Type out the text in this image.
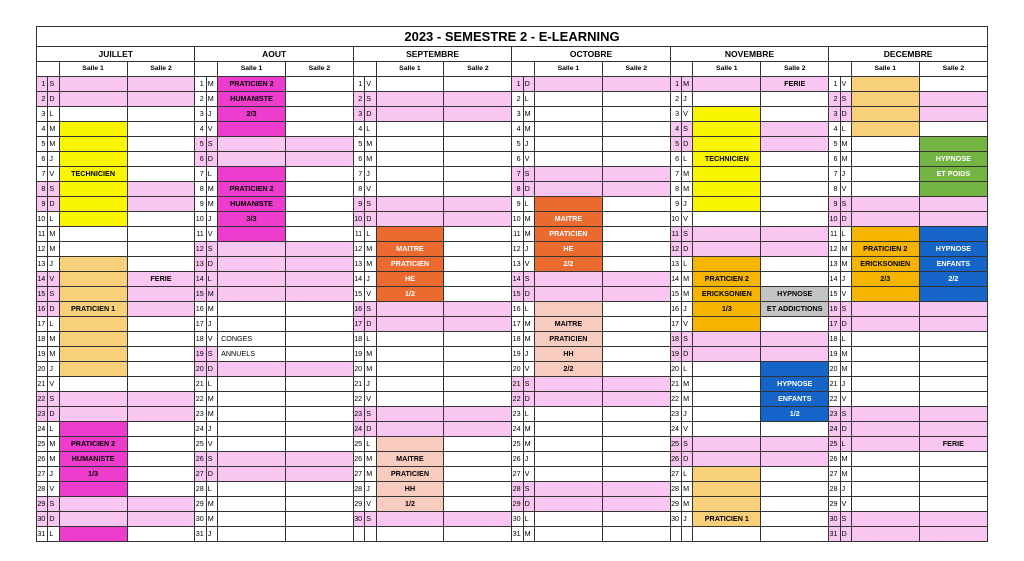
2023 - SEMESTRE 2 - E-LEARNING																							
JUILLET				AOUT				SEPTEMBRE				OCTOBRE				NOVEMBRE				DECEMBRE			
		Salle 1	Salle 2			Salle 1	Salle 2			Salle 1	Salle 2			Salle 1	Salle 2			Salle 1	Salle 2			Salle 1	Salle 2
1	S			1	M	PRATICIEN 2		1	V			1	D			1	M		FERIE	1	V		
2	D			2	M	HUMANISTE		2	S			2	L			2	J			2	S		
3	L			3	J	2/3		3	D			3	M			3	V			3	D		
4	M			4	V			4	L			4	M			4	S			4	L		
5	M			5	S			5	M			5	J			5	D			5	M		
6	J			6	D			6	M			6	V			6	L	TECHNICIEN		6	M		HYPNOSE
7	V	TECHNICIEN		7	L			7	J			7	S			7	M			7	J		ET POIDS
8	S			8	M	PRATICIEN 2		8	V			8	D			8	M			8	V		
9	D			9	M	HUMANISTE		9	S			9	L			9	J			9	S		
10	L			10	J	3/3		10	D			10	M	MAITRE		10	V			10	D		
11	M			11	V			11	L			11	M	PRATICIEN		11	S			11	L		
12	M			12	S			12	M	MAITRE		12	J	HE		12	D			12	M	PRATICIEN 2	HYPNOSE
13	J			13	D			13	M	PRATICIEN		13	V	2/2		13	L			13	M	ERICKSONIEN	ENFANTS
14	V		FERIE	14	L			14	J	HE		14	S			14	M	PRATICIEN 2		14	J	2/3	2/2
15	S			15	M			15	V	1/2		15	D			15	M	ERICKSONIEN	HYPNOSE	15	V		
16	D	PRATICIEN 1		16	M			16	S			16	L			16	J	1/3	ET ADDICTIONS	16	S		
17	L			17	J			17	D			17	M	MAITRE		17	V			17	D		
18	M			18	V	CONGES		18	L			18	M	PRATICIEN		18	S			18	L		
19	M			19	S	ANNUELS		19	M			19	J	HH		19	D			19	M		
20	J			20	D			20	M			20	V	2/2		20	L			20	M		
21	V			21	L			21	J			21	S			21	M		HYPNOSE	21	J		
22	S			22	M			22	V			22	D			22	M		ENFANTS	22	V		
23	D			23	M			23	S			23	L			23	J		1/2	23	S		
24	L			24	J			24	D			24	M			24	V			24	D		
25	M	PRATICIEN 2		25	V			25	L			25	M			25	S			25	L		FERIE
26	M	HUMANISTE		26	S			26	M	MAITRE		26	J			26	D			26	M		
27	J	1/3		27	D			27	M	PRATICIEN		27	V			27	L			27	M		
28	V			28	L			28	J	HH		28	S			28	M			28	J		
29	S			29	M			29	V	1/2		29	D			29	M			29	V		
30	D			30	M			30	S			30	L			30	J	PRATICIEN 1		30	S		
31	L			31	J							31	M							31	D		
